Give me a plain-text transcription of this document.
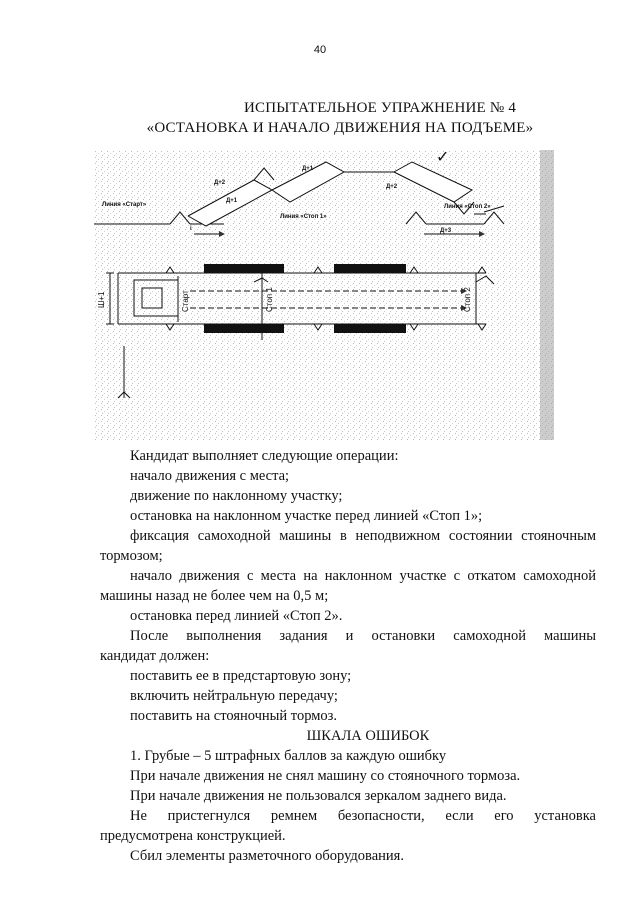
40
ИСПЫТАТЕЛЬНОЕ УПРАЖНЕНИЕ № 4
«ОСТАНОВКА И НАЧАЛО ДВИЖЕНИЯ НА ПОДЪЕМЕ»
✓
Линия «Старт»
Линия «Стоп 1»
Линия «Стоп 2»
Д+2
Д+1
Д+1
Д+2
Д+3
i
Ш+1	Старт	Стоп 1	Стоп 2

Кандидат выполняет следующие операции:

начало движения с места;

движение по наклонному участку;

остановка на наклонном участке перед линией «Стоп 1»;

фиксация самоходной машины в неподвижном состоянии стояночным

тормозом;

начало движения с места на наклонном участке с откатом самоходной

машины назад не более чем на 0,5 м;

остановка перед линией «Стоп 2».

После выполнения задания и остановки самоходной машины

кандидат должен:

поставить ее в предстартовую зону;

включить нейтральную передачу;

поставить на стояночный тормоз.

ШКАЛА ОШИБОК

1. Грубые – 5 штрафных баллов за каждую ошибку

При начале движения не снял машину со стояночного тормоза.

При начале движения не пользовался зеркалом заднего вида.

Не пристегнулся ремнем безопасности, если его установка

предусмотрена конструкцией.

Сбил элементы разметочного оборудования.
